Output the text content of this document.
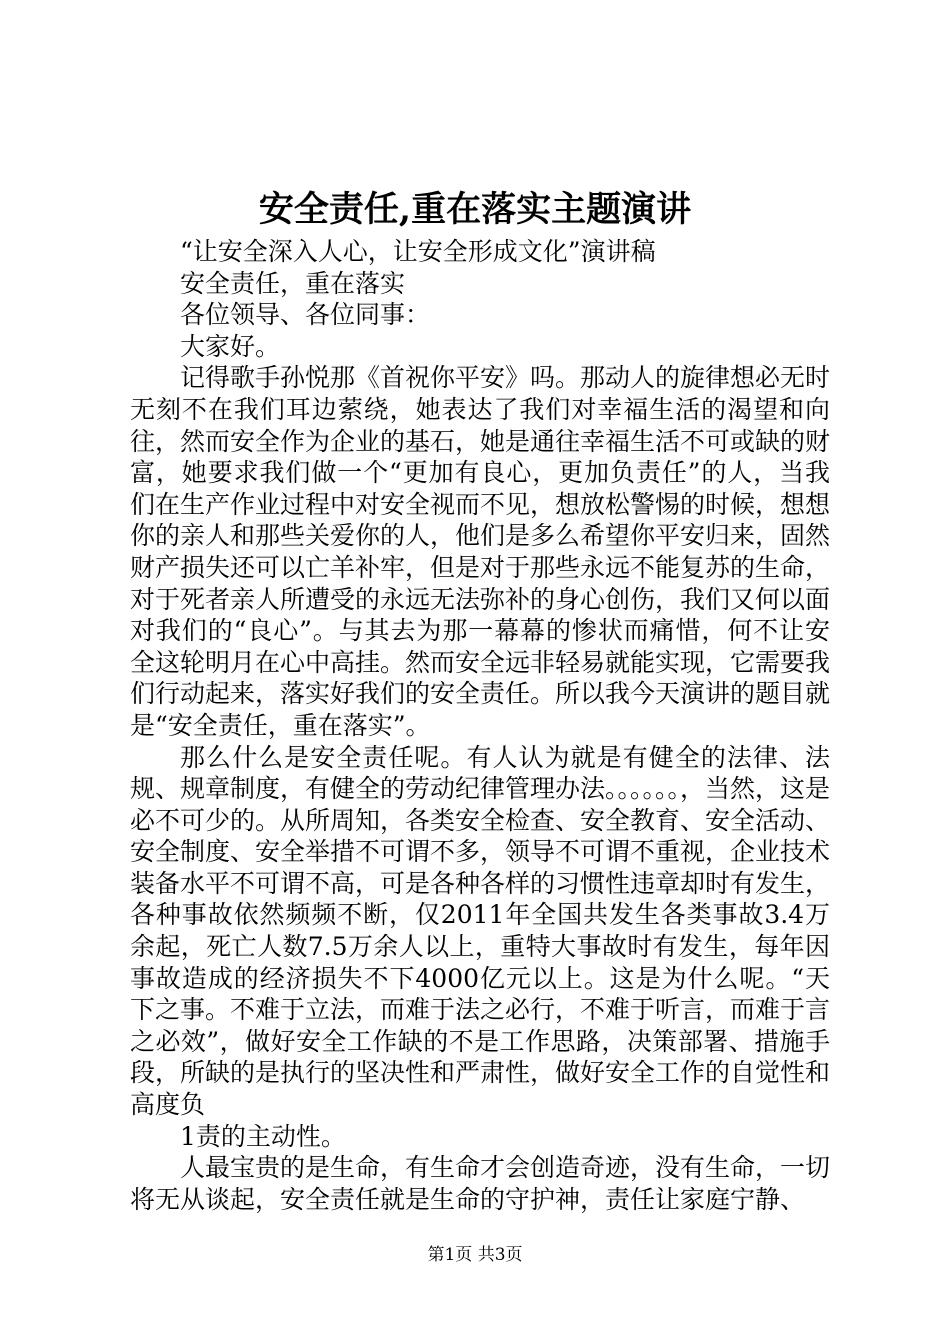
安全责任,重在落实主题演讲

“让安全深入人心，让安全形成文化”演讲稿

安全责任，重在落实

各位领导、各位同事：

大家好。

记得歌手孙悦那《首祝你平安》吗。那动人的旋律想必无时无刻不在我们耳边萦绕，她表达了我们对幸福生活的渴望和向往，然而安全作为企业的基石，她是通往幸福生活不可或缺的财富，她要求我们做一个“更加有良心，更加负责任”的人，当我们在生产作业过程中对安全视而不见，想放松警惕的时候，想想你的亲人和那些关爱你的人，他们是多么希望你平安归来，固然财产损失还可以亡羊补牢，但是对于那些永远不能复苏的生命，对于死者亲人所遭受的永远无法弥补的身心创伤，我们又何以面对我们的“良心”。与其去为那一幕幕的惨状而痛惜，何不让安全这轮明月在心中高挂。然而安全远非轻易就能实现，它需要我们行动起来，落实好我们的安全责任。所以我今天演讲的题目就是“安全责任，重在落实”。

那么什么是安全责任呢。有人认为就是有健全的法律、法规、规章制度，有健全的劳动纪律管理办法。。。。。。，当然，这是必不可少的。从所周知，各类安全检查、安全教育、安全活动、安全制度、安全举措不可谓不多，领导不可谓不重视，企业技术装备水平不可谓不高，可是各种各样的习惯性违章却时有发生，各种事故依然频频不断，仅2011年全国共发生各类事故3.4万余起，死亡人数7.5万余人以上，重特大事故时有发生，每年因事故造成的经济损失不下4000亿元以上。这是为什么呢。“天下之事。不难于立法，而难于法之必行，不难于听言，而难于言之必效”，做好安全工作缺的不是工作思路，决策部署、措施手段，所缺的是执行的坚决性和严肃性，做好安全工作的自觉性和高度负

1责的主动性。

人最宝贵的是生命，有生命才会创造奇迹，没有生命，一切将无从谈起，安全责任就是生命的守护神，责任让家庭宁静、

第1页 共3页
